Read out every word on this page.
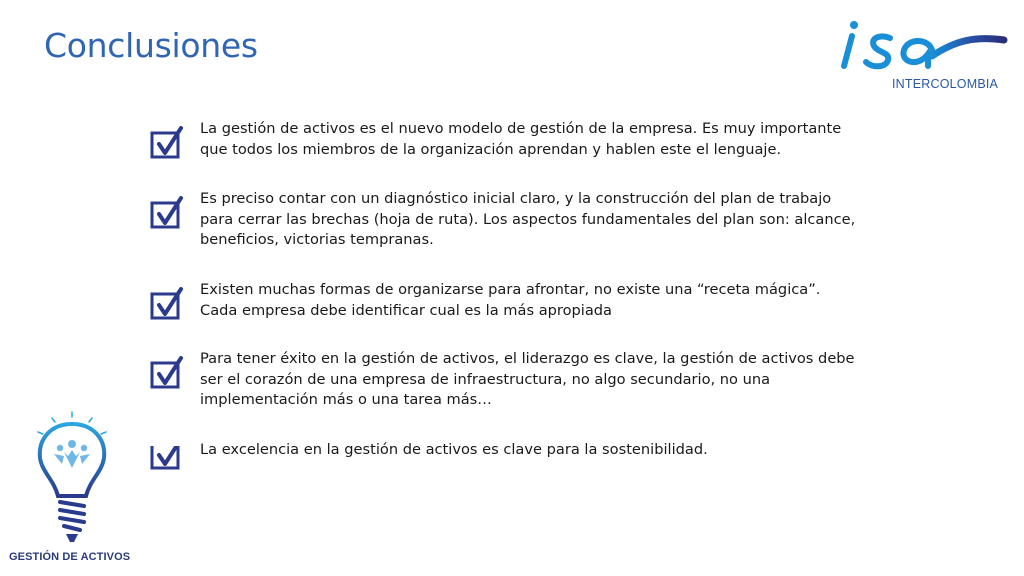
Conclusiones
INTERCOLOMBIA
La gestión de activos es el nuevo modelo de gestión de la empresa. Es muy importante que todos los miembros de la organización aprendan y hablen este el lenguaje.
Es preciso contar con un diagnóstico inicial claro, y la construcción del plan de trabajo para cerrar las brechas (hoja de ruta). Los aspectos fundamentales del plan son: alcance, beneficios, victorias tempranas.
Existen muchas formas de organizarse para afrontar, no existe una “receta mágica”. Cada empresa debe identificar cual es la más apropiada
Para tener éxito en la gestión de activos, el liderazgo es clave, la gestión de activos debe ser el corazón de una empresa de infraestructura, no algo secundario, no una implementación más o una tarea más…
La excelencia en la gestión de activos es clave para la sostenibilidad.
GESTIÓN DE ACTIVOS
